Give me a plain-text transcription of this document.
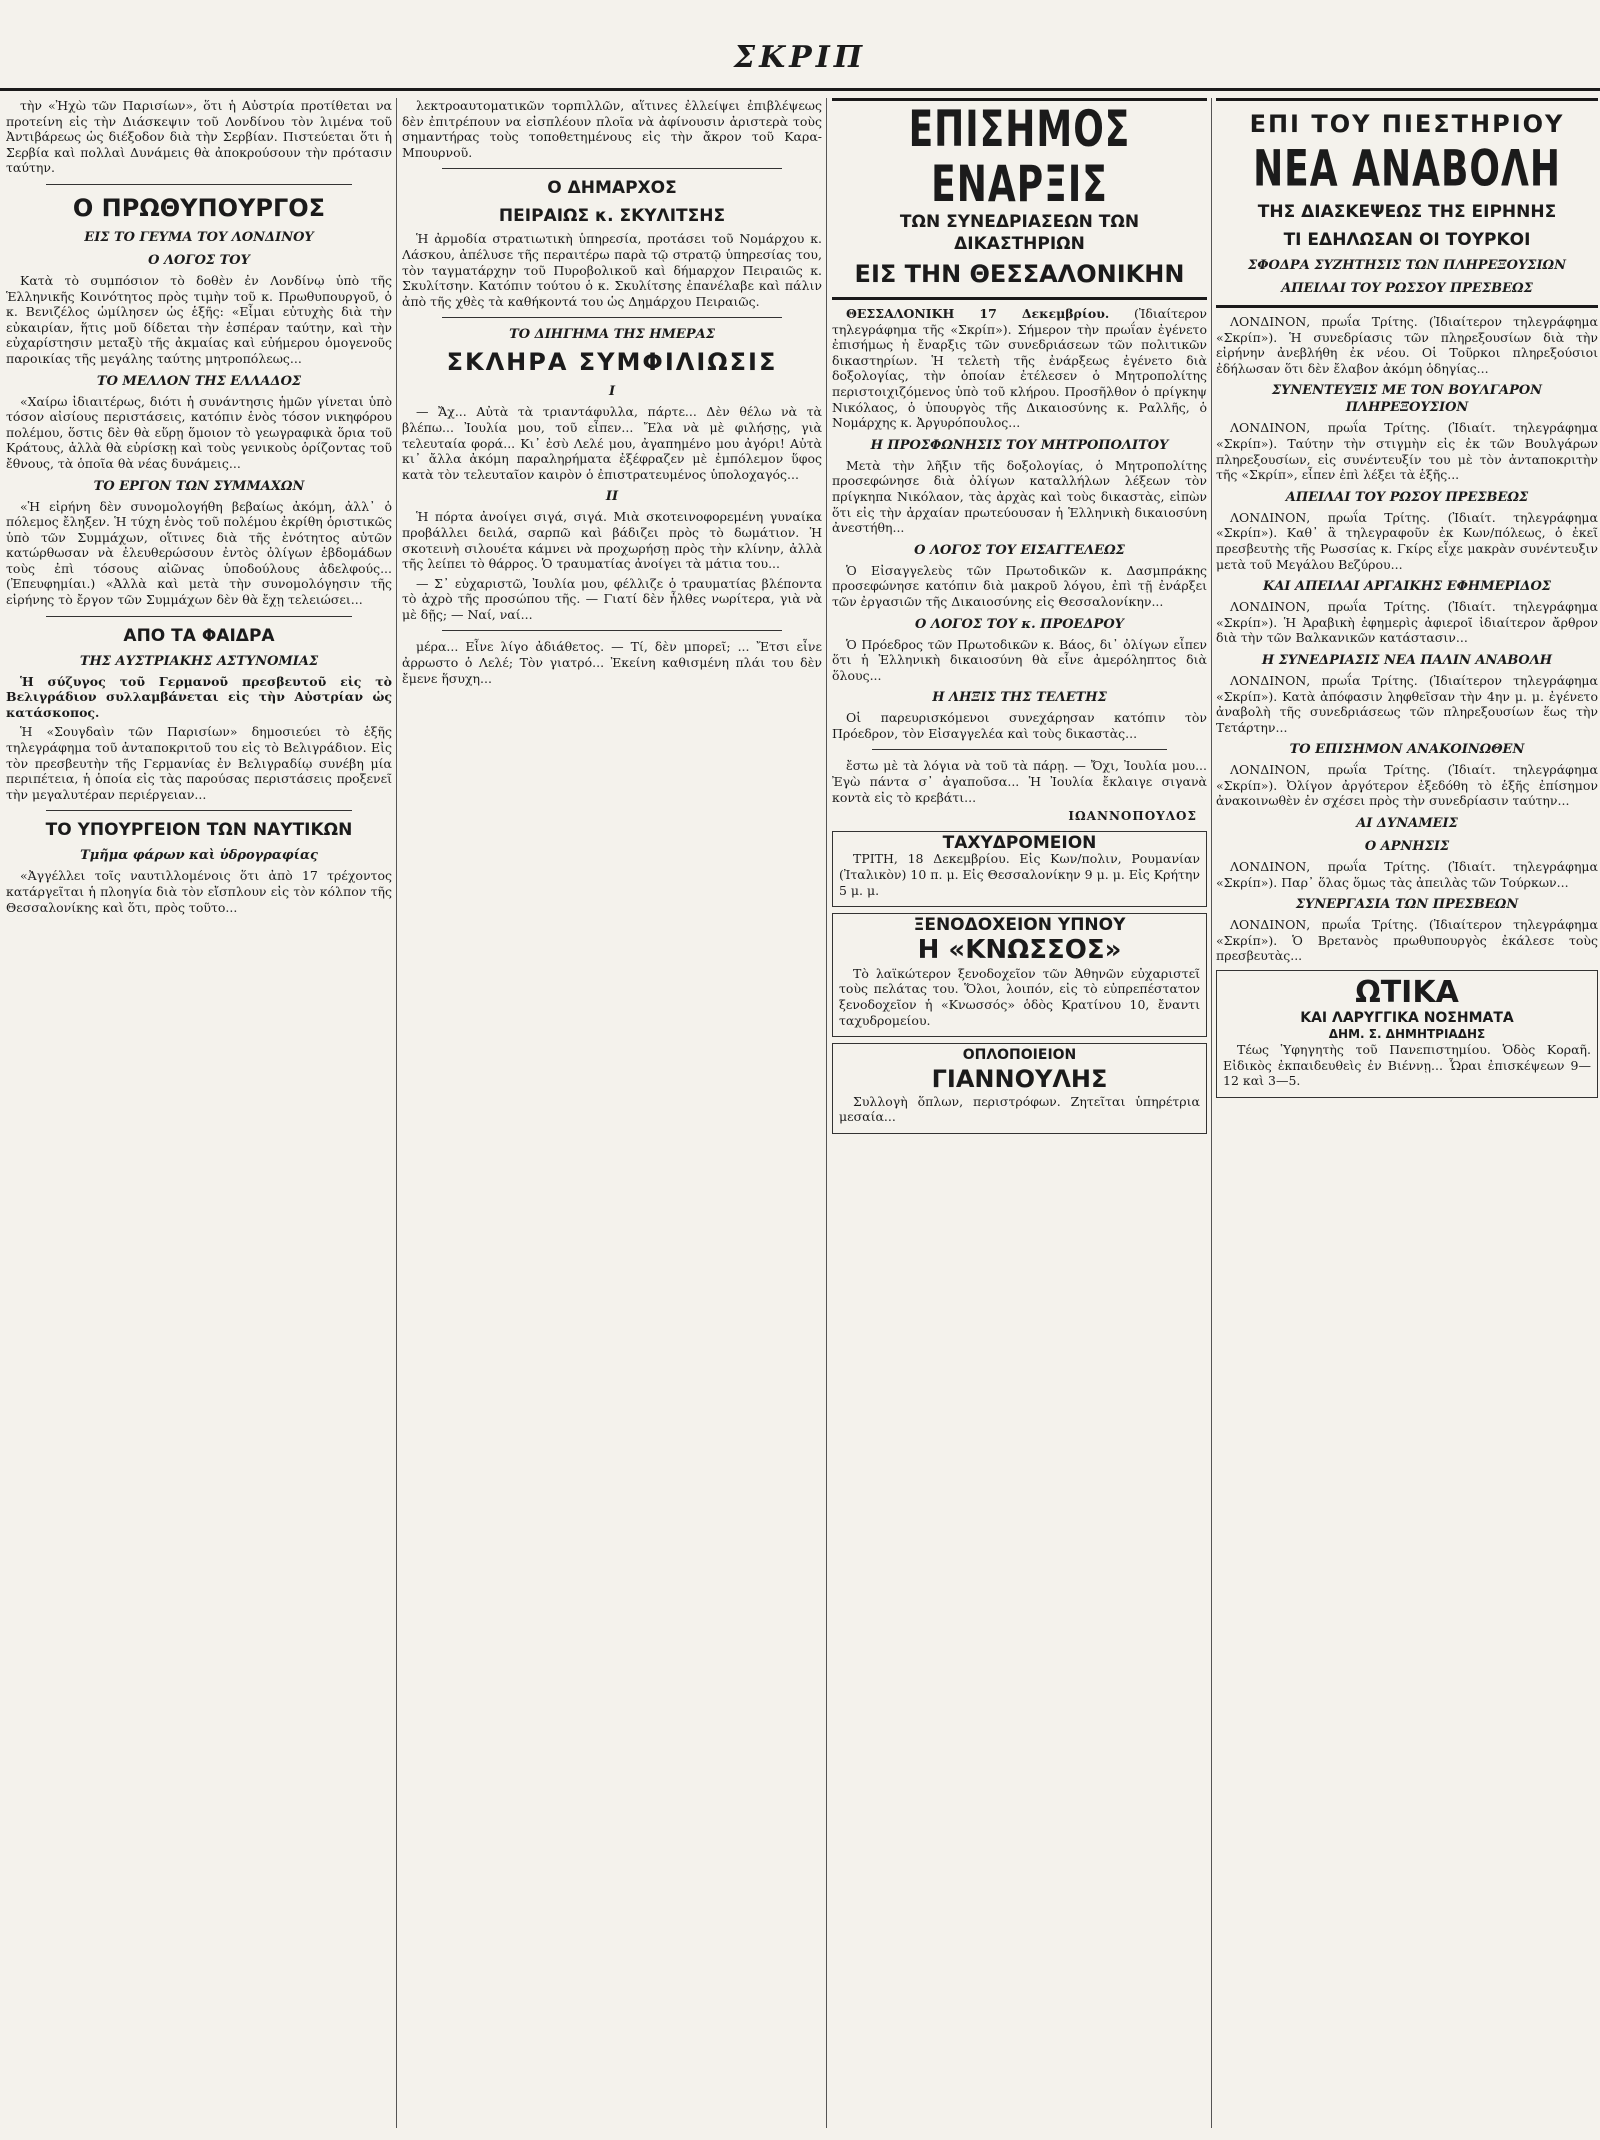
ΣΚΡΙΠ

τὴν «Ἠχὼ τῶν Παρισίων», ὅτι ἡ Αὐστρία προτίθεται να προτείνη εἰς τὴν Διάσκεψιν τοῦ Λονδίνου τὸν λιμένα τοῦ Ἀντιβάρεως ὡς διέξοδον διὰ τὴν Σερβίαν. Πιστεύεται ὅτι ἡ Σερβία καὶ πολλαὶ Δυνάμεις θὰ ἀποκρούσουν τὴν πρότασιν ταύτην.

Ο ΠΡΩΘΥΠΟΥΡΓΟΣ
ΕΙΣ ΤΟ ΓΕΥΜΑ ΤΟΥ ΛΟΝΔΙΝΟΥ
Ο ΛΟΓΟΣ ΤΟΥ

Κατὰ τὸ συμπόσιον τὸ δοθὲν ἐν Λονδίνῳ ὑπὸ τῆς Ἑλληνικῆς Κοινότητος πρὸς τιμὴν τοῦ κ. Πρωθυπουργοῦ, ὁ κ. Βενιζέλος ὡμίλησεν ὡς ἑξῆς: «Εἶμαι εὐτυχὴς διὰ τὴν εὐκαιρίαν, ἥτις μοῦ δίδεται τὴν ἑσπέραν ταύτην, καὶ τὴν εὐχαρίστησιν μεταξὺ τῆς ἀκμαίας καὶ εὐήμερου ὁμογενοῦς παροικίας τῆς μεγάλης ταύτης μητροπόλεως...

ΤΟ ΜΕΛΛΟΝ ΤΗΣ ΕΛΛΑΔΟΣ

«Χαίρω ἰδιαιτέρως, διότι ἡ συνάντησις ἡμῶν γίνεται ὑπὸ τόσον αἰσίους περιστάσεις, κατόπιν ἑνὸς τόσον νικηφόρου πολέμου, ὅστις δὲν θὰ εὕρῃ ὅμοιον τὸ γεωγραφικὰ ὅρια τοῦ Κράτους, ἀλλὰ θὰ εὑρίσκῃ καὶ τοὺς γενικοὺς ὁρίζοντας τοῦ ἔθνους, τὰ ὁποῖα θὰ νέας δυνάμεις...

ΤΟ ΕΡΓΟΝ ΤΩΝ ΣΥΜΜΑΧΩΝ

«Ἡ εἰρήνη δὲν συνομολογήθη βεβαίως ἀκόμη, ἀλλ᾽ ὁ πόλεμος ἔληξεν. Ἡ τύχη ἑνὸς τοῦ πολέμου ἐκρίθη ὁριστικῶς ὑπὸ τῶν Συμμάχων, οἵτινες διὰ τῆς ἐνότητος αὐτῶν κατώρθωσαν νὰ ἐλευθερώσουν ἐντὸς ὀλίγων ἑβδομάδων τοὺς ἐπὶ τόσους αἰῶνας ὑποδούλους ἀδελφούς... (Ἐπευφημίαι.) «Ἀλλὰ καὶ μετὰ τὴν συνομολόγησιν τῆς εἰρήνης τὸ ἔργον τῶν Συμμάχων δὲν θὰ ἔχῃ τελειώσει...

ΑΠΟ ΤΑ ΦΑΙΔΡΑ
ΤΗΣ ΑΥΣΤΡΙΑΚΗΣ ΑΣΤΥΝΟΜΙΑΣ

Ἡ σύζυγος τοῦ Γερμανοῦ πρεσβευτοῦ εἰς τὸ Βελιγράδιον συλλαμβάνεται εἰς τὴν Αὐστρίαν ὡς κατάσκοπος.

Ἡ «Σουγδαὶν τῶν Παρισίων» δημοσιεύει τὸ ἑξῆς τηλεγράφημα τοῦ ἀνταποκριτοῦ του εἰς τὸ Βελιγράδιον. Εἰς τὸν πρεσβευτὴν τῆς Γερμανίας ἐν Βελιγραδίῳ συνέβη μία περιπέτεια, ἡ ὁποία εἰς τὰς παρούσας περιστάσεις προξενεῖ τὴν μεγαλυτέραν περιέργειαν...

ΤΟ ΥΠΟΥΡΓΕΙΟΝ ΤΩΝ ΝΑΥΤΙΚΩΝ
Τμῆμα φάρων καὶ ὑδρογραφίας

«Ἀγγέλλει τοῖς ναυτιλλομένοις ὅτι ἀπὸ 17 τρέχοντος κατάργεῖται ἡ πλοηγία διὰ τὸν εἴσπλουν εἰς τὸν κόλπον τῆς Θεσσαλονίκης καὶ ὅτι, πρὸς τοῦτο...

λεκτροαυτοματικῶν τορπιλλῶν, αἵτινες ἐλλείψει ἐπιβλέψεως δὲν ἐπιτρέπουν να εἰσπλέουν πλοῖα νὰ ἀφίνουσιν ἀριστερὰ τοὺς σημαντήρας τοὺς τοποθετημένους εἰς τὴν ἄκρον τοῦ Καρα-Μπουρνοῦ.

Ο ΔΗΜΑΡΧΟΣ
ΠΕΙΡΑΙΩΣ κ. ΣΚΥΛΙΤΣΗΣ

Ἡ ἀρμοδία στρατιωτικὴ ὑπηρεσία, προτάσει τοῦ Νομάρχου κ. Λάσκου, ἀπέλυσε τῆς περαιτέρω παρὰ τῷ στρατῷ ὑπηρεσίας του, τὸν ταγματάρχην τοῦ Πυροβολικοῦ καὶ δήμαρχον Πειραιῶς κ. Σκυλίτσην. Κατόπιν τούτου ὁ κ. Σκυλίτσης ἐπανέλαβε καὶ πάλιν ἀπὸ τῆς χθὲς τὰ καθήκοντά του ὡς Δημάρχου Πειραιῶς.

ΤΟ ΔΙΗΓΗΜΑ ΤΗΣ ΗΜΕΡΑΣ
ΣΚΛΗΡΑ ΣΥΜΦΙΛΙΩΣΙΣ
Ι

— Ἄχ... Αὐτὰ τὰ τριαντάφυλλα, πάρτε... Δὲν θέλω νὰ τὰ βλέπω... Ἰουλία μου, τοῦ εἶπεν... Ἔλα νὰ μὲ φιλήσῃς, γιὰ τελευταία φορά... Κι᾽ ἐσὺ Λελέ μου, ἀγαπημένο μου ἀγόρι! Αὐτὰ κι᾽ ἄλλα ἀκόμη παραληρήματα ἐξέφραζεν μὲ ἐμπόλεμον ὕφος κατὰ τὸν τελευταῖον καιρὸν ὁ ἐπιστρατευμένος ὑπολοχαγός...

ΙΙ

Ἡ πόρτα ἀνοίγει σιγά, σιγά. Μιὰ σκοτεινοφορεμένη γυναίκα προβάλλει δειλά, σαρπῶ καὶ βάδιζει πρὸς τὸ δωμάτιον. Ἡ σκοτεινὴ σιλουέτα κάμνει νὰ προχωρήσῃ πρὸς τὴν κλίνην, ἀλλὰ τῆς λείπει τὸ θάρρος. Ὁ τραυματίας ἀνοίγει τὰ μάτια του...

— Σ᾽ εὐχαριστῶ, Ἰουλία μου, φέλλιζε ὁ τραυματίας βλέποντα τὸ ἀχρὸ τῆς προσώπου τῆς. — Γιατί δὲν ἦλθες νωρίτερα, γιὰ νὰ μὲ δῇς; — Ναί, ναί...

μέρα... Εἶνε λίγο ἀδιάθετος. — Τί, δὲν μπορεῖ; ... Ἔτσι εἶνε ἀρρωστο ὁ Λελέ; Τὸν γιατρό... Ἐκείνη καθισμένη πλάι του δὲν ἔμενε ἥσυχη...

ΕΠΙΣΗΜΟΣ ΕΝΑΡΞΙΣ
ΤΩΝ ΣΥΝΕΔΡΙΑΣΕΩΝ ΤΩΝ ΔΙΚΑΣΤΗΡΙΩΝ
ΕΙΣ ΤΗΝ ΘΕΣΣΑΛΟΝΙΚΗΝ

ΘΕΣΣΑΛΟΝΙΚΗ 17 Δεκεμβρίου. (Ἰδιαίτερον τηλεγράφημα τῆς «Σκρίπ»). Σήμερον τὴν πρωΐαν ἐγένετο ἐπισήμως ἡ ἔναρξις τῶν συνεδριάσεων τῶν πολιτικῶν δικαστηρίων. Ἡ τελετὴ τῆς ἐνάρξεως ἐγένετο διὰ δοξολογίας, τὴν ὁποίαν ἐτέλεσεν ὁ Μητροπολίτης περιστοιχιζόμενος ὑπὸ τοῦ κλήρου. Προσῆλθον ὁ πρίγκηψ Νικόλαος, ὁ ὑπουργὸς τῆς Δικαιοσύνης κ. Ραλλῆς, ὁ Νομάρχης κ. Ἀργυρόπουλος...

Η ΠΡΟΣΦΩΝΗΣΙΣ ΤΟΥ ΜΗΤΡΟΠΟΛΙΤΟΥ

Μετὰ τὴν λῆξιν τῆς δοξολογίας, ὁ Μητροπολίτης προσεφώνησε διὰ ὀλίγων καταλλήλων λέξεων τὸν πρίγκηπα Νικόλαον, τὰς ἀρχὰς καὶ τοὺς δικαστὰς, εἰπὼν ὅτι εἰς τὴν ἀρχαίαν πρωτεύουσαν ἡ Ἑλληνικὴ δικαιοσύνη ἀνεστήθη...

Ο ΛΟΓΟΣ ΤΟΥ ΕΙΣΑΓΓΕΛΕΩΣ

Ὁ Εἰσαγγελεὺς τῶν Πρωτοδικῶν κ. Δασμπράκης προσεφώνησε κατόπιν διὰ μακροῦ λόγου, ἐπὶ τῇ ἐνάρξει τῶν ἐργασιῶν τῆς Δικαιοσύνης εἰς Θεσσαλονίκην...

Ο ΛΟΓΟΣ ΤΟΥ κ. ΠΡΟΕΔΡΟΥ

Ὁ Πρόεδρος τῶν Πρωτοδικῶν κ. Βάος, δι᾽ ὀλίγων εἶπεν ὅτι ἡ Ἑλληνικὴ δικαιοσύνη θὰ εἶνε ἀμερόληπτος διὰ ὅλους...

Η ΛΗΞΙΣ ΤΗΣ ΤΕΛΕΤΗΣ

Οἱ παρευρισκόμενοι συνεχάρησαν κατόπιν τὸν Πρόεδρον, τὸν Εἰσαγγελέα καὶ τοὺς δικαστὰς...

ἔστω μὲ τὰ λόγια νὰ τοῦ τὰ πάρῃ. — Ὄχι, Ἰουλία μου... Ἐγὼ πάντα σ᾽ ἀγαποῦσα... Ἡ Ἰουλία ἔκλαιγε σιγανὰ κοντὰ εἰς τὸ κρεβάτι...

ΙΩΑΝΝΟΠΟΥΛΟΣ
ΤΑΧΥΔΡΟΜΕΙΟΝ

ΤΡΙΤΗ, 18 Δεκεμβρίου. Εἰς Κων/πολιν, Ρουμανίαν (Ἰταλικὸν) 10 π. μ. Εἰς Θεσσαλονίκην 9 μ. μ. Εἰς Κρήτην 5 μ. μ.

ΞΕΝΟΔΟΧΕΙΟΝ ΥΠΝΟΥ
Η «ΚΝΩΣΣΟΣ»

Τὸ λαϊκώτερον ξενοδοχεῖον τῶν Ἀθηνῶν εὐχαριστεῖ τοὺς πελάτας του. Ὅλοι, λοιπόν, εἰς τὸ εὐπρεπέστατον ξενοδοχεῖον ἡ «Κνωσσός» ὁδὸς Κρατίνου 10, ἔναντι ταχυδρομείου.

ΟΠΛΟΠΟΙΕΙΟΝ
ΓΙΑΝΝΟΥΛΗΣ

Συλλογὴ ὅπλων, περιστρόφων. Ζητεῖται ὑπηρέτρια μεσαία...

ΕΠΙ ΤΟΥ ΠΙΕΣΤΗΡΙΟΥ
ΝΕΑ ΑΝΑΒΟΛΗ
ΤΗΣ ΔΙΑΣΚΕΨΕΩΣ ΤΗΣ ΕΙΡΗΝΗΣ
ΤΙ ΕΔΗΛΩΣΑΝ ΟΙ ΤΟΥΡΚΟΙ
ΣΦΟΔΡΑ ΣΥΖΗΤΗΣΙΣ ΤΩΝ ΠΛΗΡΕΞΟΥΣΙΩΝ
ΑΠΕΙΛΑΙ ΤΟΥ ΡΩΣΣΟΥ ΠΡΕΣΒΕΩΣ

ΛΟΝΔΙΝΟΝ, πρωΐα Τρίτης. (Ἰδιαίτερον τηλεγράφημα «Σκρίπ»). Ἡ συνεδρίασις τῶν πληρεξουσίων διὰ τὴν εἰρήνην ἀνεβλήθη ἐκ νέου. Οἱ Τοῦρκοι πληρεξούσιοι ἐδήλωσαν ὅτι δὲν ἔλαβον ἀκόμη ὁδηγίας...

ΣΥΝΕΝΤΕΥΞΙΣ ΜΕ ΤΟΝ ΒΟΥΛΓΑΡΟΝ ΠΛΗΡΕΞΟΥΣΙΟΝ

ΛΟΝΔΙΝΟΝ, πρωΐα Τρίτης. (Ἰδιαίτ. τηλεγράφημα «Σκρίπ»). Ταύτην τὴν στιγμὴν εἰς ἐκ τῶν Βουλγάρων πληρεξουσίων, εἰς συνέντευξίν του μὲ τὸν ἀνταποκριτὴν τῆς «Σκρίπ», εἶπεν ἐπὶ λέξει τὰ ἑξῆς...

ΑΠΕΙΛΑΙ ΤΟΥ ΡΩΣΟΥ ΠΡΕΣΒΕΩΣ

ΛΟΝΔΙΝΟΝ, πρωΐα Τρίτης. (Ἰδιαίτ. τηλεγράφημα «Σκρίπ»). Καθ᾽ ἃ τηλεγραφοῦν ἐκ Κων/πόλεως, ὁ ἐκεῖ πρεσβευτὴς τῆς Ρωσσίας κ. Γκίρς εἶχε μακρὰν συνέντευξιν μετὰ τοῦ Μεγάλου Βεζύρου...

ΚΑΙ ΑΠΕΙΛΑΙ ΑΡΓΑΙΚΗΣ ΕΦΗΜΕΡΙΔΟΣ

ΛΟΝΔΙΝΟΝ, πρωΐα Τρίτης. (Ἰδιαίτ. τηλεγράφημα «Σκρίπ»). Ἡ Ἀραβικὴ ἐφημερὶς ἀφιεροῖ ἰδιαίτερον ἄρθρον διὰ τὴν τῶν Βαλκανικῶν κατάστασιν...

Η ΣΥΝΕΔΡΙΑΣΙΣ ΝΕΑ ΠΑΛΙΝ ΑΝΑΒΟΛΗ

ΛΟΝΔΙΝΟΝ, πρωΐα Τρίτης. (Ἰδιαίτερον τηλεγράφημα «Σκρίπ»). Κατὰ ἀπόφασιν ληφθεῖσαν τὴν 4ην μ. μ. ἐγένετο ἀναβολὴ τῆς συνεδριάσεως τῶν πληρεξουσίων ἕως τὴν Τετάρτην...

ΤΟ ΕΠΙΣΗΜΟΝ ΑΝΑΚΟΙΝΩΘΕΝ

ΛΟΝΔΙΝΟΝ, πρωΐα Τρίτης. (Ἰδιαίτ. τηλεγράφημα «Σκρίπ»). Ὀλίγον ἀργότερον ἐξεδόθη τὸ ἑξῆς ἐπίσημον ἀνακοινωθὲν ἐν σχέσει πρὸς τὴν συνεδρίασιν ταύτην...

ΑΙ ΔΥΝΑΜΕΙΣ
Ο ΑΡΝΗΣΙΣ

ΛΟΝΔΙΝΟΝ, πρωΐα Τρίτης. (Ἰδιαίτ. τηλεγράφημα «Σκρίπ»). Παρ᾽ ὅλας ὅμως τὰς ἀπειλὰς τῶν Τούρκων...

ΣΥΝΕΡΓΑΣΙΑ ΤΩΝ ΠΡΕΣΒΕΩΝ

ΛΟΝΔΙΝΟΝ, πρωΐα Τρίτης. (Ἰδιαίτερον τηλεγράφημα «Σκρίπ»). Ὁ Βρετανὸς πρωθυπουργὸς ἐκάλεσε τοὺς πρεσβευτὰς...

ΩΤΙΚΑ
ΚΑΙ ΛΑΡΥΓΓΙΚΑ ΝΟΣΗΜΑΤΑ
ΔΗΜ. Σ. ΔΗΜΗΤΡΙΑΔΗΣ

Τέως Ὑφηγητὴς τοῦ Πανεπιστημίου. Ὁδὸς Κοραῆ. Εἰδικὸς ἐκπαιδευθεὶς ἐν Βιέννῃ... Ὧραι ἐπισκέψεων 9—12 καὶ 3—5.
